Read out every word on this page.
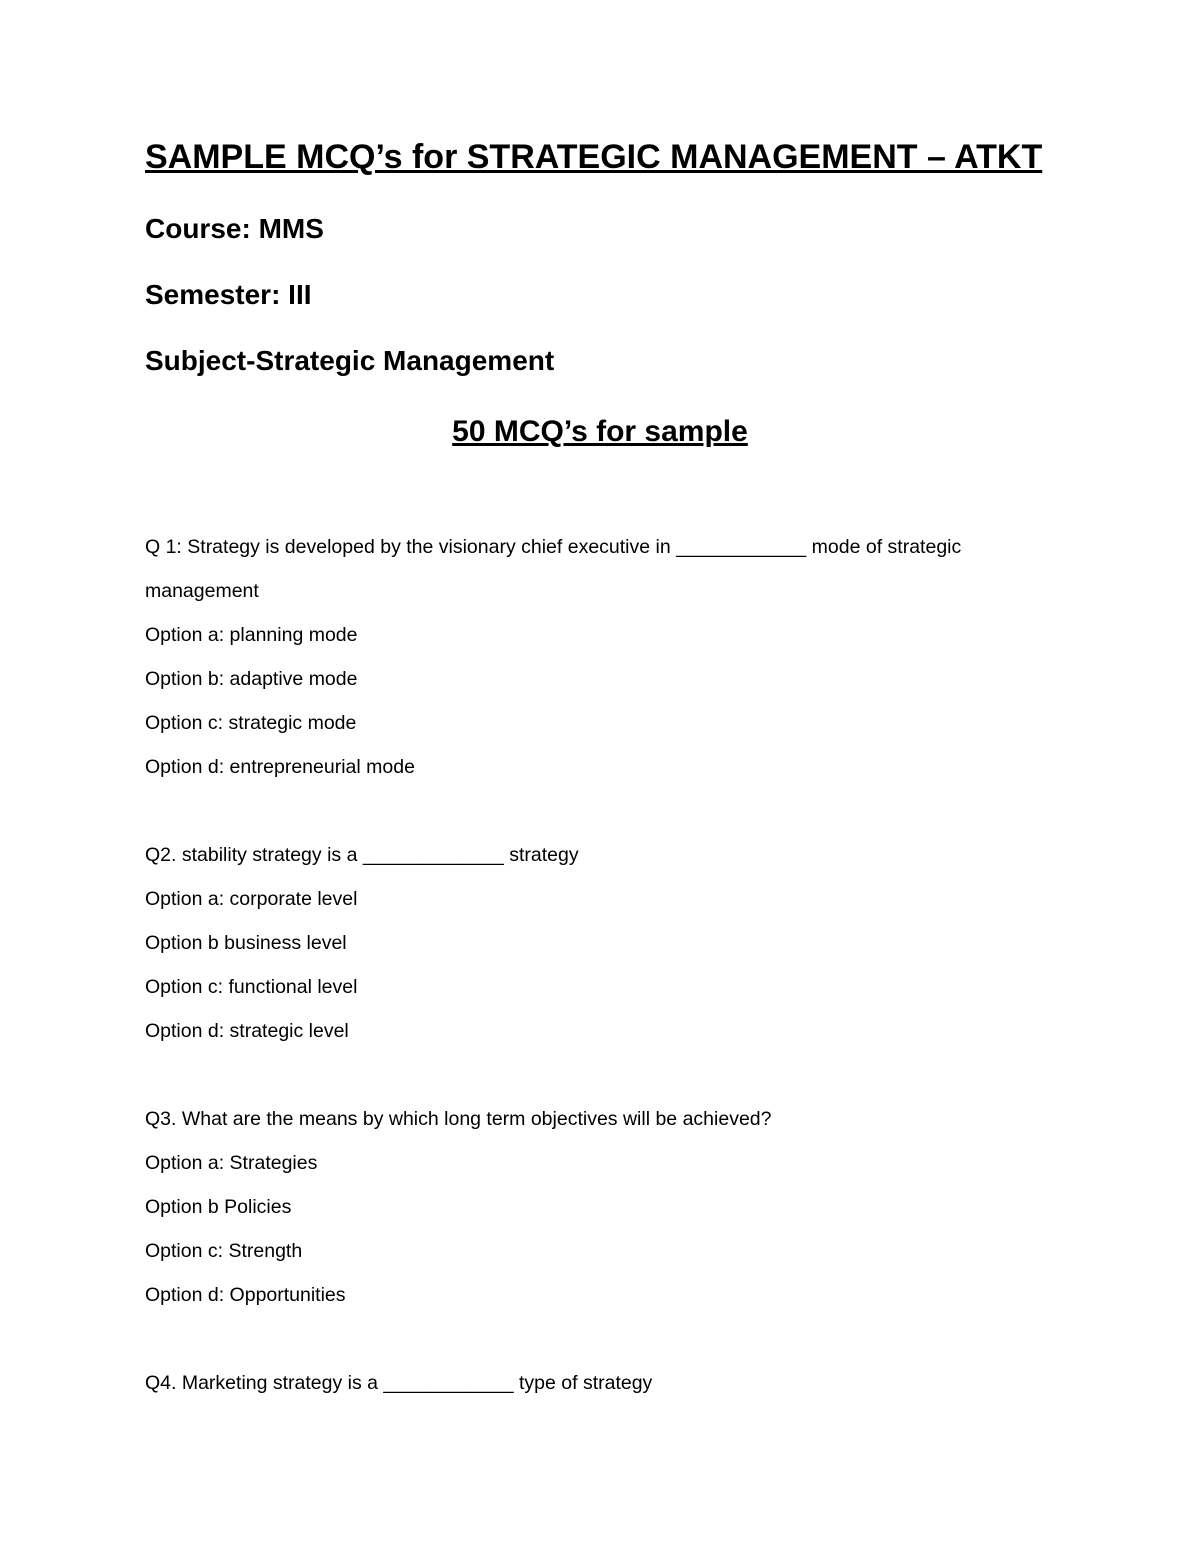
SAMPLE MCQ’s for STRATEGIC MANAGEMENT – ATKT

Course: MMS

Semester: III

Subject-Strategic Management

50 MCQ’s for sample

Q 1: Strategy is developed by the visionary chief executive in ____________ mode of strategic management

Option a: planning mode

Option b: adaptive mode

Option c: strategic mode

Option d: entrepreneurial mode

Q2. stability strategy is a _____________ strategy

Option a: corporate level

Option b business level

Option c: functional level

Option d: strategic level

Q3. What are the means by which long term objectives will be achieved?

Option a: Strategies

Option b Policies

Option c: Strength

Option d: Opportunities

Q4. Marketing strategy is a ____________ type of strategy
